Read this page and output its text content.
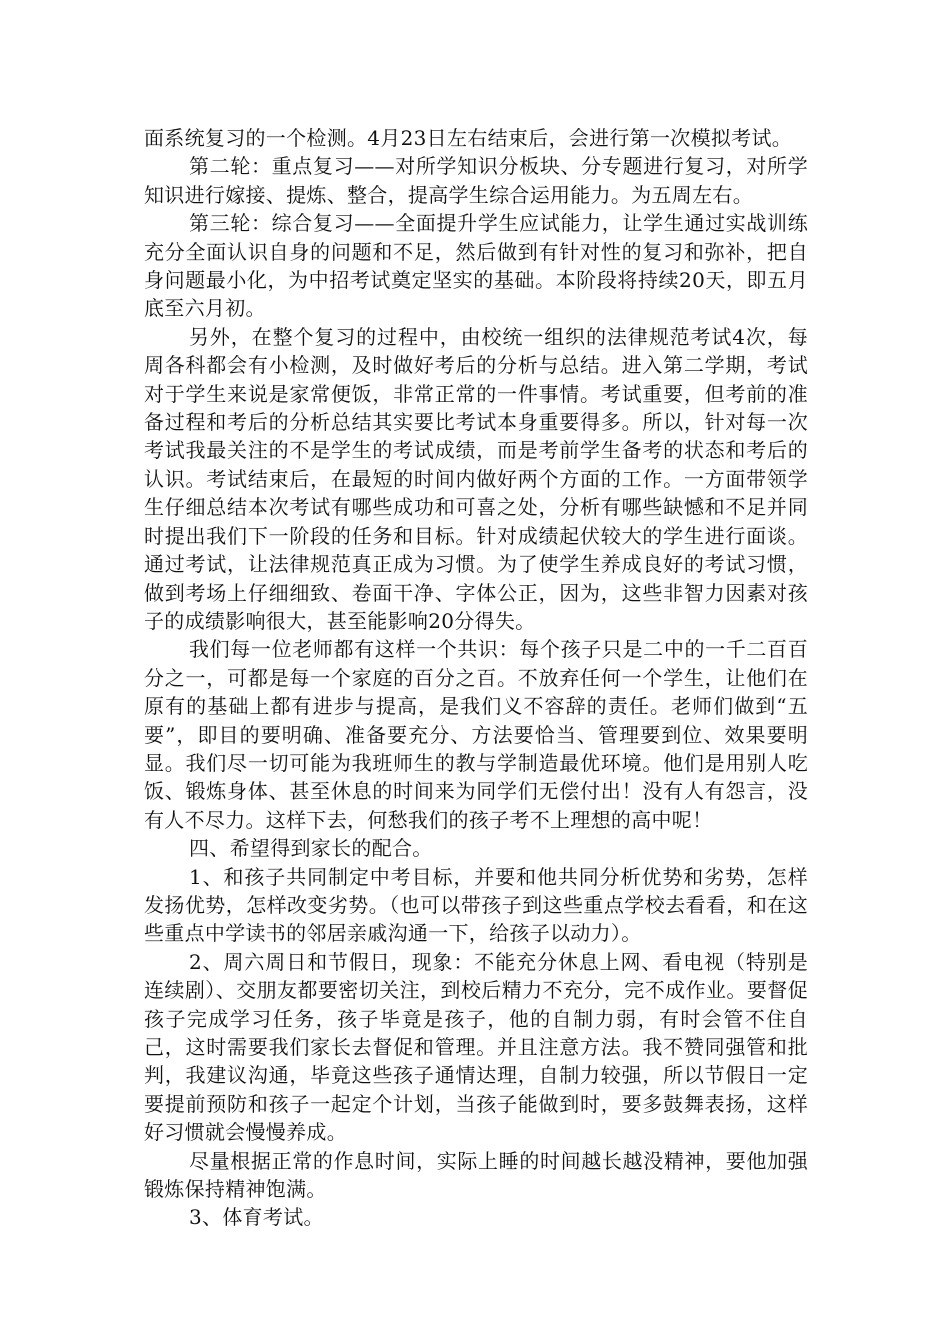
面系统复习的一个检测。4月23日左右结束后，会进行第一次模拟考试。

第二轮：重点复习——对所学知识分板块、分专题进行复习，对所学知识进行嫁接、提炼、整合，提高学生综合运用能力。为五周左右。

第三轮：综合复习——全面提升学生应试能力，让学生通过实战训练充分全面认识自身的问题和不足，然后做到有针对性的复习和弥补，把自身问题最小化，为中招考试奠定坚实的基础。本阶段将持续20天，即五月底至六月初。

另外，在整个复习的过程中，由校统一组织的法律规范考试4次，每周各科都会有小检测，及时做好考后的分析与总结。进入第二学期，考试对于学生来说是家常便饭，非常正常的一件事情。考试重要，但考前的准备过程和考后的分析总结其实要比考试本身重要得多。所以，针对每一次考试我最关注的不是学生的考试成绩，而是考前学生备考的状态和考后的认识。考试结束后，在最短的时间内做好两个方面的工作。一方面带领学生仔细总结本次考试有哪些成功和可喜之处，分析有哪些缺憾和不足并同时提出我们下一阶段的任务和目标。针对成绩起伏较大的学生进行面谈。通过考试，让法律规范真正成为习惯。为了使学生养成良好的考试习惯，做到考场上仔细细致、卷面干净、字体公正，因为，这些非智力因素对孩子的成绩影响很大，甚至能影响20分得失。

我们每一位老师都有这样一个共识：每个孩子只是二中的一千二百百分之一，可都是每一个家庭的百分之百。不放弃任何一个学生，让他们在原有的基础上都有进步与提高，是我们义不容辞的责任。老师们做到“五要”，即目的要明确、准备要充分、方法要恰当、管理要到位、效果要明显。我们尽一切可能为我班师生的教与学制造最优环境。他们是用别人吃饭、锻炼身体、甚至休息的时间来为同学们无偿付出！没有人有怨言，没有人不尽力。这样下去，何愁我们的孩子考不上理想的高中呢！

四、希望得到家长的配合。

1、和孩子共同制定中考目标，并要和他共同分析优势和劣势，怎样发扬优势，怎样改变劣势。（也可以带孩子到这些重点学校去看看，和在这些重点中学读书的邻居亲戚沟通一下，给孩子以动力）。

2、周六周日和节假日，现象：不能充分休息上网、看电视（特别是连续剧）、交朋友都要密切关注，到校后精力不充分，完不成作业。要督促孩子完成学习任务，孩子毕竟是孩子，他的自制力弱，有时会管不住自己，这时需要我们家长去督促和管理。并且注意方法。我不赞同强管和批判，我建议沟通，毕竟这些孩子通情达理，自制力较强，所以节假日一定要提前预防和孩子一起定个计划，当孩子能做到时，要多鼓舞表扬，这样好习惯就会慢慢养成。

尽量根据正常的作息时间，实际上睡的时间越长越没精神，要他加强锻炼保持精神饱满。

3、体育考试。
